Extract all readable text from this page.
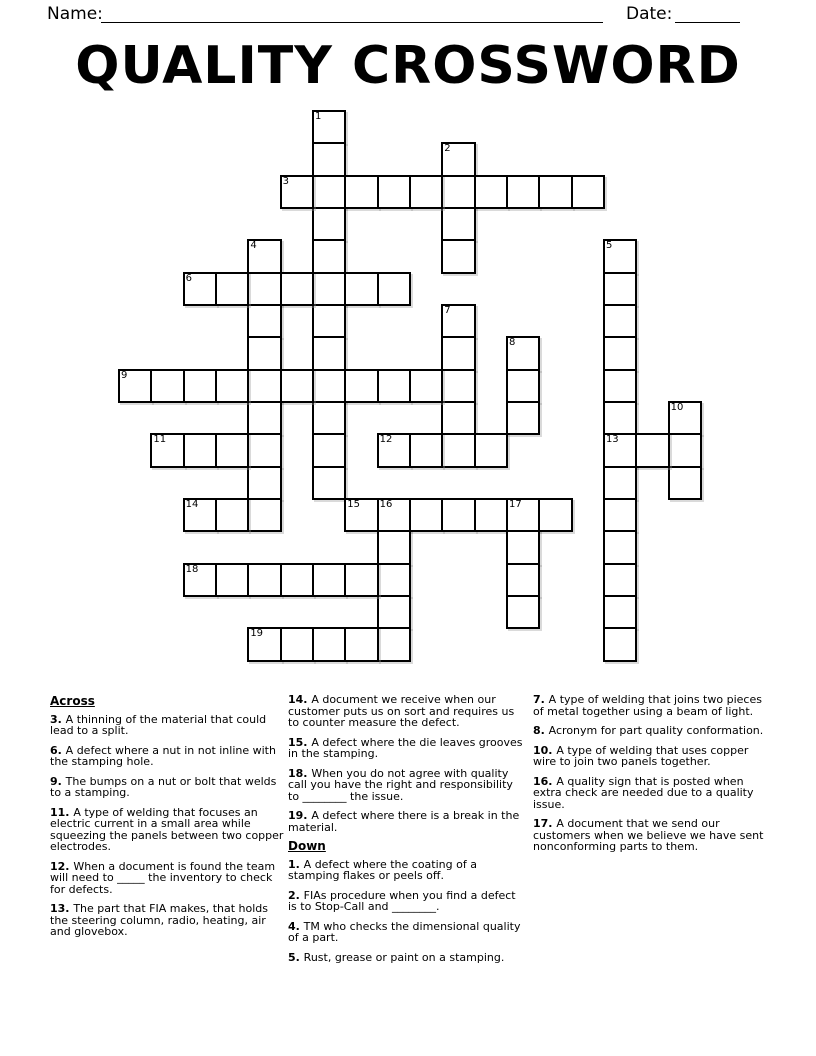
Name:	Date:
QUALITY CROSSWORD
1
2
3
4	5
13
6
7
8
9
10
11	12
14	15 16	17
18
19
Across
3. A thinning of the material that could lead to a split.
6. A defect where a nut in not inline with the stamping hole.
9. The bumps on a nut or bolt that welds to a stamping.
11. A type of welding that focuses an electric current in a small area while squeezing the panels between two copper electrodes.
12. When a document is found the team will need to _____ the inventory to check for defects.
13. The part that FIA makes, that holds the steering column, radio, heating, air and glovebox.
14. A document we receive when our customer puts us on sort and requires us to counter measure the defect.
15. A defect where the die leaves grooves in the stamping.
18. When you do not agree with quality call you have the right and responsibility to ________ the issue.
19. A defect where there is a break in the material.
Down
1. A defect where the coating of a stamping flakes or peels off.
2. FIAs procedure when you find a defect is to Stop-Call and ________.
4. TM who checks the dimensional quality of a part.
5. Rust, grease or paint on a stamping.
7. A type of welding that joins two pieces of metal together using a beam of light.
8. Acronym for part quality conformation.
10. A type of welding that uses copper wire to join two panels together.
16. A quality sign that is posted when extra check are needed due to a quality issue.
17. A document that we send our customers when we believe we have sent nonconforming parts to them.
